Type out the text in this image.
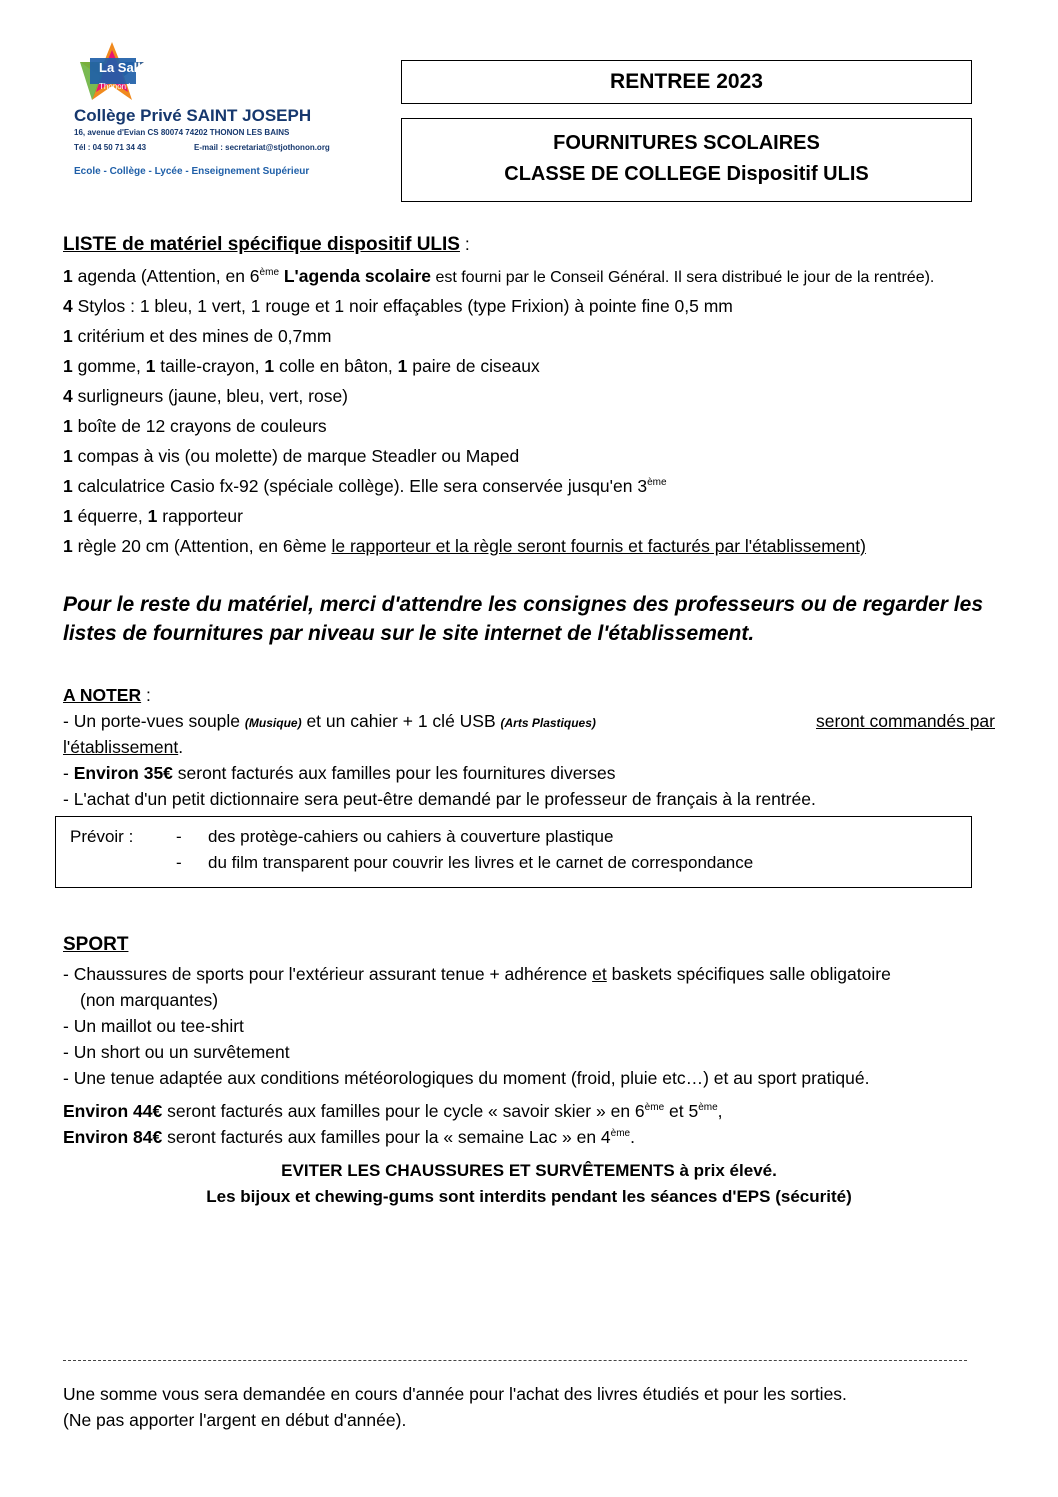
La Salle
Thonon les Bains
Collège Privé SAINT JOSEPH
16, avenue d'Evian CS 80074 74202 THONON LES BAINS
Tél : 04 50 71 34 43	E-mail : secretariat@stjothonon.org
Ecole - Collège - Lycée - Enseignement Supérieur
RENTREE 2023
FOURNITURES SCOLAIRES
CLASSE DE COLLEGE Dispositif ULIS
LISTE de matériel spécifique dispositif ULIS :
1 agenda (Attention, en 6ème L'agenda scolaire est fourni par le Conseil Général. Il sera distribué le jour de la rentrée).
4 Stylos : 1 bleu, 1 vert, 1 rouge et 1 noir effaçables (type Frixion) à pointe fine 0,5 mm
1 critérium et des mines de 0,7mm
1 gomme, 1 taille-crayon, 1 colle en bâton, 1 paire de ciseaux
4 surligneurs (jaune, bleu, vert, rose)
1 boîte de 12 crayons de couleurs
1 compas à vis (ou molette) de marque Steadler ou Maped
1 calculatrice Casio fx-92 (spéciale collège). Elle sera conservée jusqu'en 3ème
1 équerre, 1 rapporteur
1 règle 20 cm (Attention, en 6ème le rapporteur et la règle seront fournis et facturés par l'établissement)
Pour le reste du matériel, merci d'attendre les consignes des professeurs ou de regarder les
listes de fournitures par niveau sur le site internet de l'établissement.
A NOTER :
- Un porte-vues souple (Musique) et un cahier + 1 clé USB (Arts Plastiques)	seront commandés par
l'établissement.
- Environ 35€ seront facturés aux familles pour les fournitures diverses
- L'achat d'un petit dictionnaire sera peut-être demandé par le professeur de français à la rentrée.
Prévoir :	- des protège-cahiers ou cahiers à couverture plastique
- du film transparent pour couvrir les livres et le carnet de correspondance
SPORT
- Chaussures de sports pour l'extérieur assurant tenue + adhérence et baskets spécifiques salle obligatoire
(non marquantes)
- Un maillot ou tee-shirt
- Un short ou un survêtement
- Une tenue adaptée aux conditions météorologiques du moment (froid, pluie etc…) et au sport pratiqué.
Environ 44€ seront facturés aux familles pour le cycle « savoir skier » en 6ème et 5ème,
Environ 84€ seront facturés aux familles pour la « semaine Lac » en 4ème.
EVITER LES CHAUSSURES ET SURVÊTEMENTS à prix élevé.
Les bijoux et chewing-gums sont interdits pendant les séances d'EPS (sécurité)
Une somme vous sera demandée en cours d'année pour l'achat des livres étudiés et pour les sorties.
(Ne pas apporter l'argent en début d'année).
